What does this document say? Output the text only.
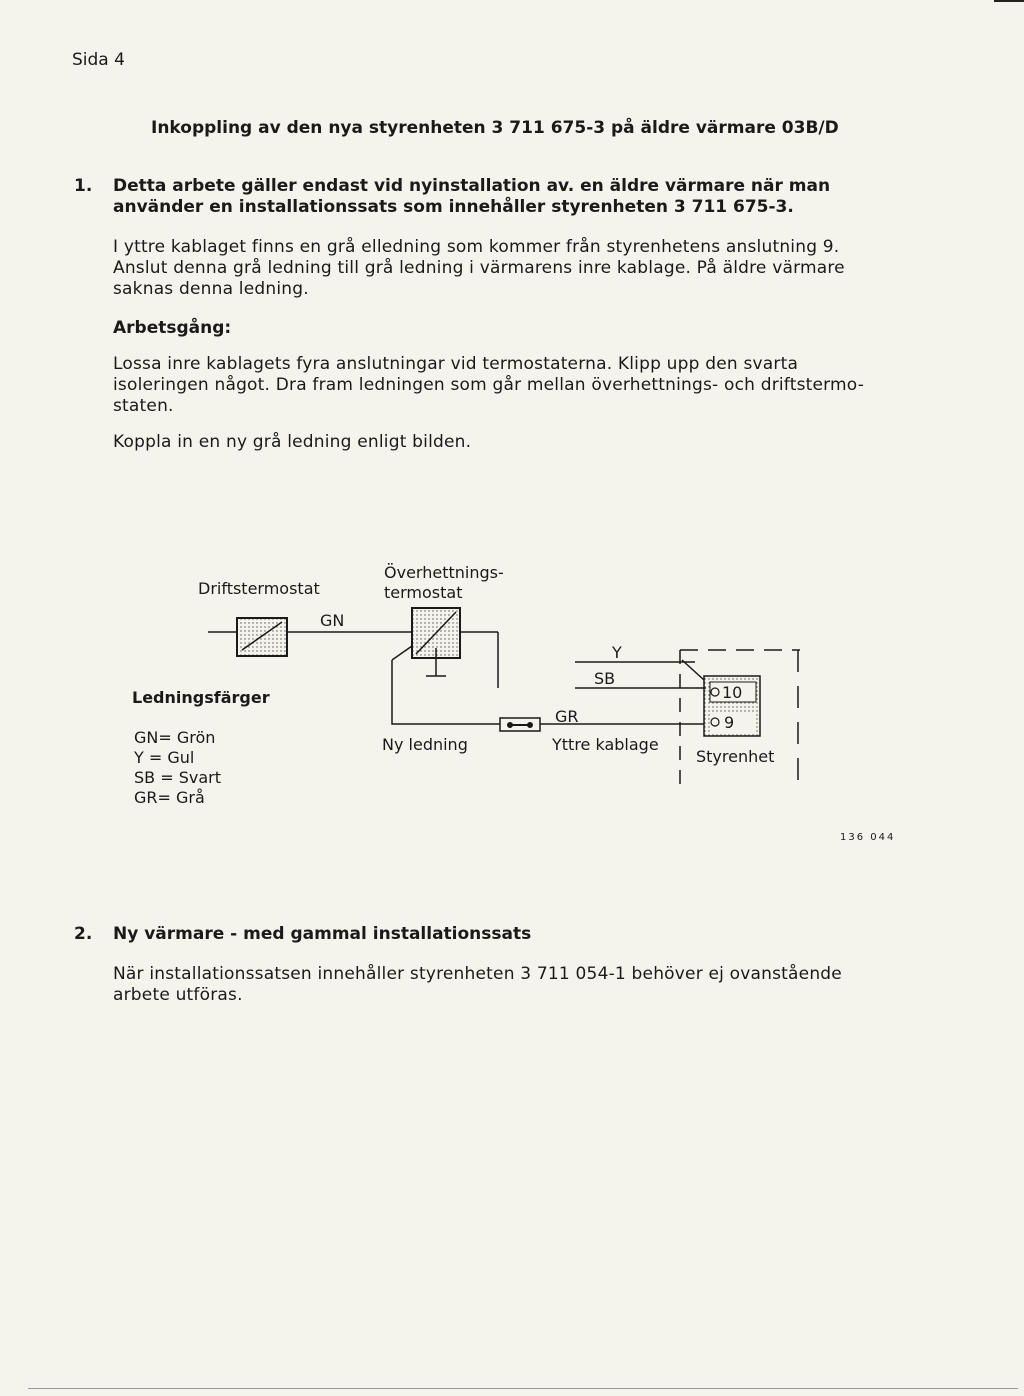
Sida 4
Inkoppling av den nya styrenheten 3 711 675-3 på äldre värmare 03B/D
1. Detta arbete gäller endast vid nyinstallation av. en äldre värmare när man använder en installationssats som innehåller styrenheten 3 711 675-3.
I yttre kablaget finns en grå elledning som kommer från styrenhetens anslutning 9. Anslut denna grå ledning till grå ledning i värmarens inre kablage. På äldre värmare saknas denna ledning.
Arbetsgång:
Lossa inre kablagets fyra anslutningar vid termostaterna. Klipp upp den svarta isoleringen något. Dra fram ledningen som går mellan överhettnings- och driftstermo-staten.
Koppla in en ny grå ledning enligt bilden.
Driftstermostat
Överhettnings-
termostat
GN
Y
SB
GR
10
9
Ny ledning	Yttre kablage
Styrenhet
Ledningsfärger
GN= Grön
Y = Gul
SB = Svart
GR= Grå
136 044
2. Ny värmare - med gammal installationssats
När installationssatsen innehåller styrenheten 3 711 054-1 behöver ej ovanstående arbete utföras.
